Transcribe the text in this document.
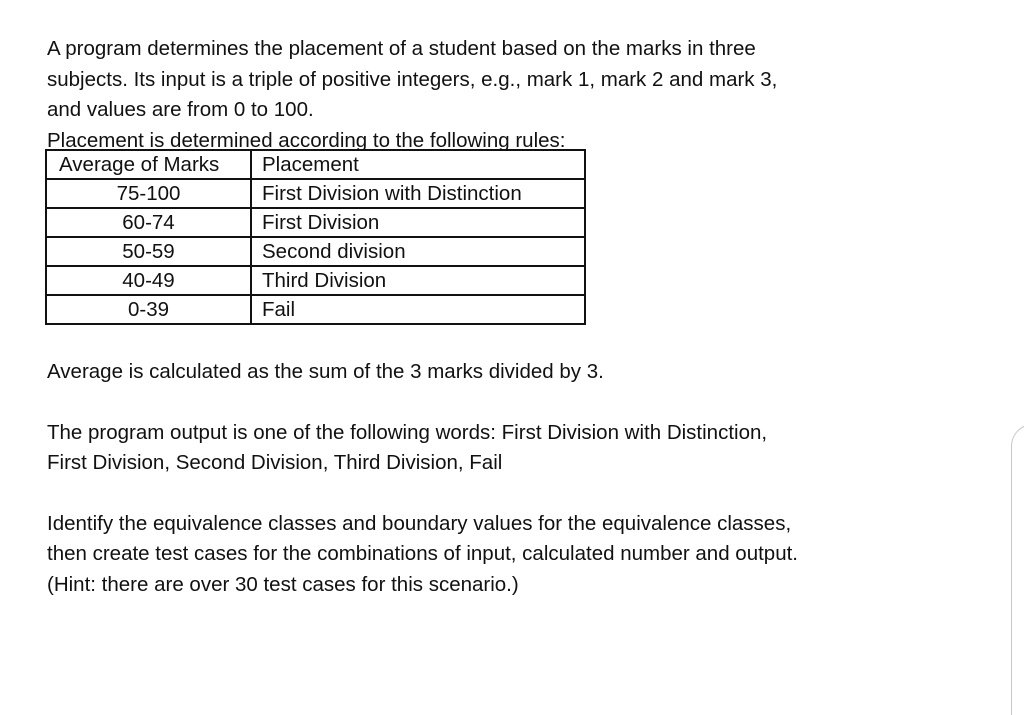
A program determines the placement of a student based on the marks in three
subjects. Its input is a triple of positive integers, e.g., mark 1, mark 2 and mark 3,
and values are from 0 to 100.

Placement is determined according to the following rules:

Average of Marks	Placement
75-100	First Division with Distinction
60-74	First Division
50-59	Second division
40-49	Third Division
0-39	Fail

Average is calculated as the sum of the 3 marks divided by 3.

The program output is one of the following words: First Division with Distinction,
First Division, Second Division, Third Division, Fail

Identify the equivalence classes and boundary values for the equivalence classes,
then create test cases for the combinations of input, calculated number and output.
(Hint: there are over 30 test cases for this scenario.)
